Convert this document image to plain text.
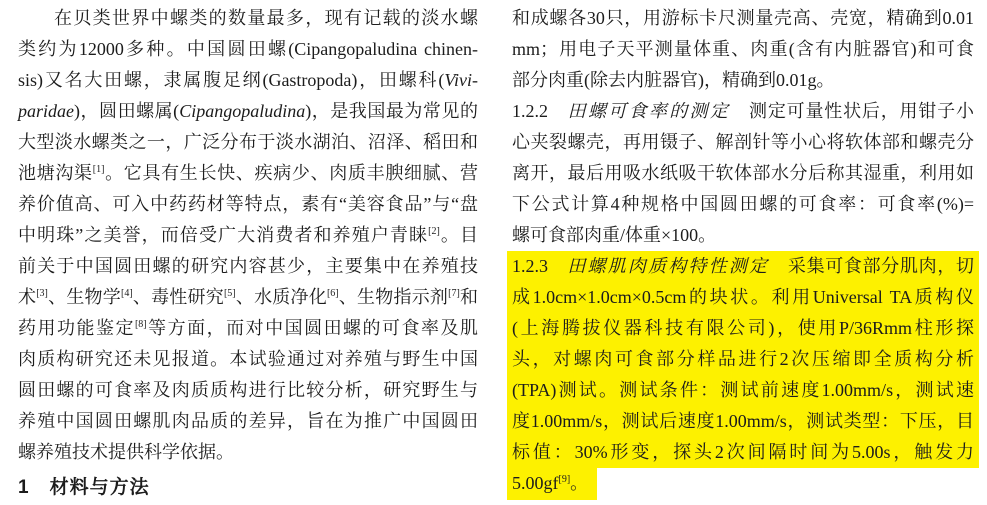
在贝类世界中螺类的数量最多，现有记载的淡水螺
类约为12000多种。中国圆田螺(Cipangopaludina chinen-
sis)又名大田螺，隶属腹足纲(Gastropoda)，田螺科(Vivi-
paridae)，圆田螺属(Cipangopaludina)，是我国最为常见的
大型淡水螺类之一，广泛分布于淡水湖泊、沼泽、稻田和
池塘沟渠[1]。它具有生长快、疾病少、肉质丰腴细腻、营
养价值高、可入中药药材等特点，素有“美容食品”与“盘
中明珠”之美誉，而倍受广大消费者和养殖户青睐[2]。目
前关于中国圆田螺的研究内容甚少，主要集中在养殖技
术[3]、生物学[4]、毒性研究[5]、水质净化[6]、生物指示剂[7]和
药用功能鉴定[8]等方面，而对中国圆田螺的可食率及肌
肉质构研究还未见报道。本试验通过对养殖与野生中国
圆田螺的可食率及肉质质构进行比较分析，研究野生与
养殖中国圆田螺肌肉品质的差异，旨在为推广中国圆田
螺养殖技术提供科学依据。
1　材料与方法
和成螺各30只，用游标卡尺测量壳高、壳宽，精确到0.01
mm；用电子天平测量体重、肉重(含有内脏器官)和可食
部分肉重(除去内脏器官)，精确到0.01g。
1.2.2　田螺可食率的测定　测定可量性状后，用钳子小
心夹裂螺壳，再用镊子、解剖针等小心将软体部和螺壳分
离开，最后用吸水纸吸干软体部水分后称其湿重，利用如
下公式计算4种规格中国圆田螺的可食率：可食率(%)=
螺可食部肉重/体重×100。
1.2.3　田螺肌肉质构特性测定　采集可食部分肌肉，切
成1.0cm×1.0cm×0.5cm的块状。利用Universal TA质构仪
(上海腾拔仪器科技有限公司)，使用P/36Rmm柱形探
头，对螺肉可食部分样品进行2次压缩即全质构分析
(TPA)测试。测试条件：测试前速度1.00mm/s，测试速
度1.00mm/s，测试后速度1.00mm/s，测试类型：下压，目
标值：30%形变，探头2次间隔时间为5.00s，触发力
5.00gf[9]。
